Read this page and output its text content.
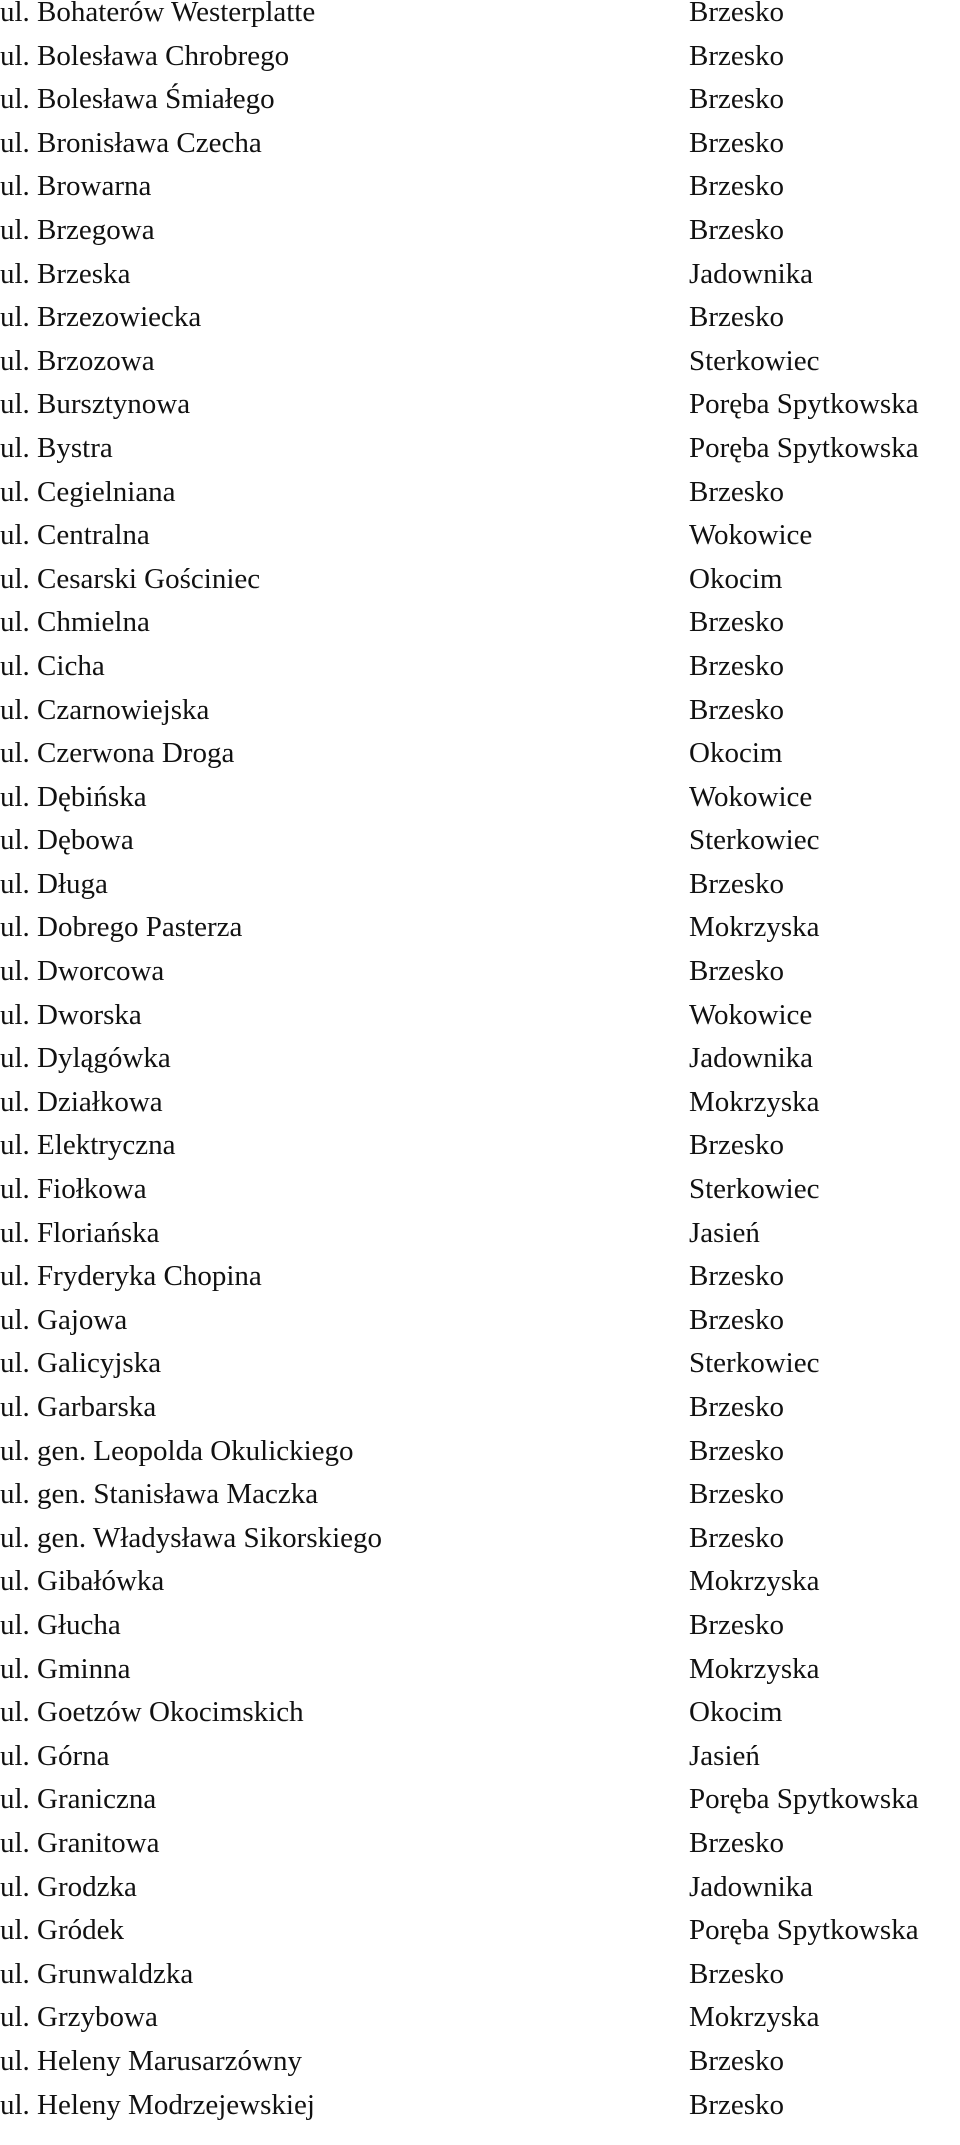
ul. Bohaterów Westerplatte	Brzesko
ul. Bolesława Chrobrego	Brzesko
ul. Bolesława Śmiałego	Brzesko
ul. Bronisława Czecha	Brzesko
ul. Browarna	Brzesko
ul. Brzegowa	Brzesko
ul. Brzeska	Jadownika
ul. Brzezowiecka	Brzesko
ul. Brzozowa	Sterkowiec
ul. Bursztynowa	Poręba Spytkowska
ul. Bystra	Poręba Spytkowska
ul. Cegielniana	Brzesko
ul. Centralna	Wokowice
ul. Cesarski Gościniec	Okocim
ul. Chmielna	Brzesko
ul. Cicha	Brzesko
ul. Czarnowiejska	Brzesko
ul. Czerwona Droga	Okocim
ul. Dębińska	Wokowice
ul. Dębowa	Sterkowiec
ul. Długa	Brzesko
ul. Dobrego Pasterza	Mokrzyska
ul. Dworcowa	Brzesko
ul. Dworska	Wokowice
ul. Dylągówka	Jadownika
ul. Działkowa	Mokrzyska
ul. Elektryczna	Brzesko
ul. Fiołkowa	Sterkowiec
ul. Floriańska	Jasień
ul. Fryderyka Chopina	Brzesko
ul. Gajowa	Brzesko
ul. Galicyjska	Sterkowiec
ul. Garbarska	Brzesko
ul. gen. Leopolda Okulickiego	Brzesko
ul. gen. Stanisława Maczka	Brzesko
ul. gen. Władysława Sikorskiego	Brzesko
ul. Gibałówka	Mokrzyska
ul. Głucha	Brzesko
ul. Gminna	Mokrzyska
ul. Goetzów Okocimskich	Okocim
ul. Górna	Jasień
ul. Graniczna	Poręba Spytkowska
ul. Granitowa	Brzesko
ul. Grodzka	Jadownika
ul. Gródek	Poręba Spytkowska
ul. Grunwaldzka	Brzesko
ul. Grzybowa	Mokrzyska
ul. Heleny Marusarzówny	Brzesko
ul. Heleny Modrzejewskiej	Brzesko
